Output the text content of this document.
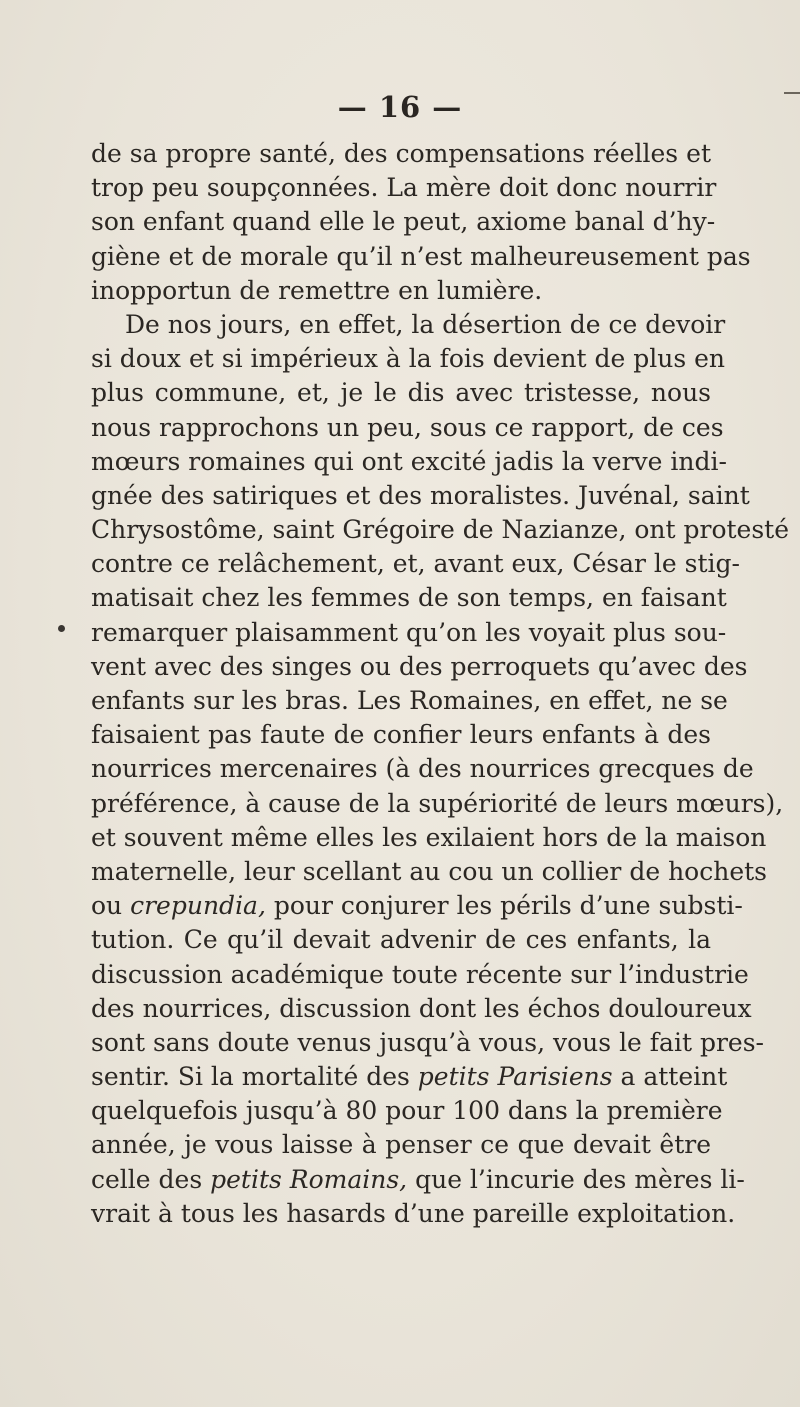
— 16 —
de sa propre santé, des compensations réelles et
trop peu soupçonnées. La mère doit donc nourrir
son enfant quand elle le peut, axiome banal d’hy-
giène et de morale qu’il n’est malheureusement pas
inopportun de remettre en lumière.
De nos jours, en effet, la désertion de ce devoir
si doux et si impérieux à la fois devient de plus en
plus commune, et, je le dis avec tristesse, nous
nous rapprochons un peu, sous ce rapport, de ces
mœurs romaines qui ont excité jadis la verve indi-
gnée des satiriques et des moralistes. Juvénal, saint
Chrysostôme, saint Grégoire de Nazianze, ont protesté
contre ce relâchement, et, avant eux, César le stig-
matisait chez les femmes de son temps, en faisant
remarquer plaisamment qu’on les voyait plus sou-
vent avec des singes ou des perroquets qu’avec des
enfants sur les bras. Les Romaines, en effet, ne se
faisaient pas faute de confier leurs enfants à des
nourrices mercenaires (à des nourrices grecques de
préférence, à cause de la supériorité de leurs mœurs),
et souvent même elles les exilaient hors de la maison
maternelle, leur scellant au cou un collier de hochets
ou crepundia, pour conjurer les périls d’une substi-
tution. Ce qu’il devait advenir de ces enfants, la
discussion académique toute récente sur l’industrie
des nourrices, discussion dont les échos douloureux
sont sans doute venus jusqu’à vous, vous le fait pres-
sentir. Si la mortalité des petits Parisiens a atteint
quelquefois jusqu’à 80 pour 100 dans la première
année, je vous laisse à penser ce que devait être
celle des petits Romains, que l’incurie des mères li-
vrait à tous les hasards d’une pareille exploitation.
